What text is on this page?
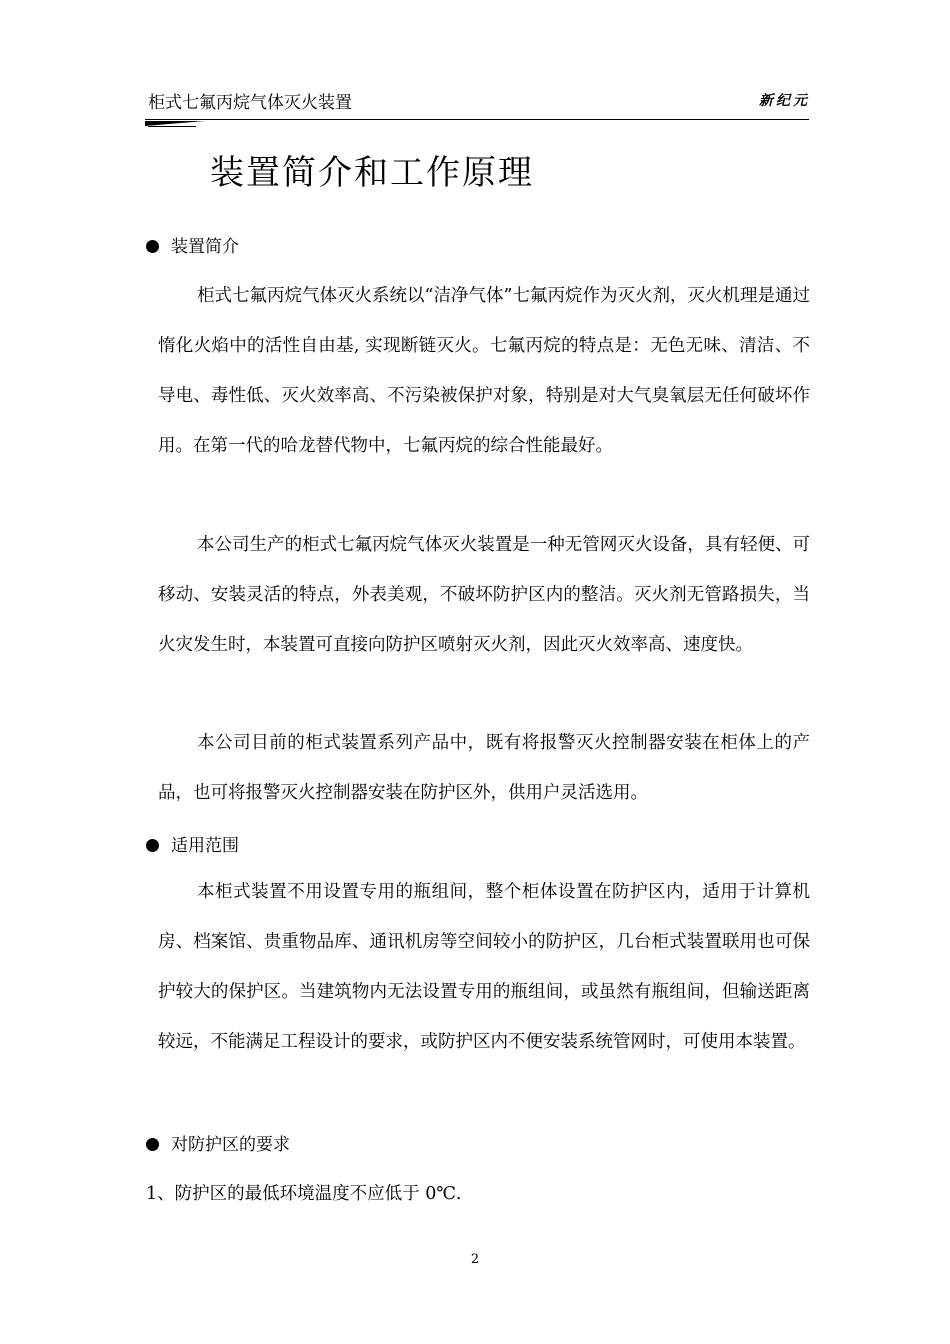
柜式七氟丙烷气体灭火装置	新纪元
装置简介和工作原理
装置简介

柜式七氟丙烷气体灭火系统以“洁净气体”七氟丙烷作为灭火剂，灭火机理是通过惰化火焰中的活性自由基, 实现断链灭火。七氟丙烷的特点是：无色无味、清洁、不导电、毒性低、灭火效率高、不污染被保护对象，特别是对大气臭氧层无任何破坏作用。在第一代的哈龙替代物中，七氟丙烷的综合性能最好。

本公司生产的柜式七氟丙烷气体灭火装置是一种无管网灭火设备，具有轻便、可移动、安装灵活的特点，外表美观，不破坏防护区内的整洁。灭火剂无管路损失，当火灾发生时，本装置可直接向防护区喷射灭火剂，因此灭火效率高、速度快。

本公司目前的柜式装置系列产品中，既有将报警灭火控制器安装在柜体上的产品，也可将报警灭火控制器安装在防护区外，供用户灵活选用。

适用范围

本柜式装置不用设置专用的瓶组间，整个柜体设置在防护区内，适用于计算机房、档案馆、贵重物品库、通讯机房等空间较小的防护区，几台柜式装置联用也可保护较大的保护区。当建筑物内无法设置专用的瓶组间，或虽然有瓶组间，但输送距离较远，不能满足工程设计的要求，或防护区内不便安装系统管网时，可使用本装置。

对防护区的要求

1、防护区的最低环境温度不应低于 0℃.

2
